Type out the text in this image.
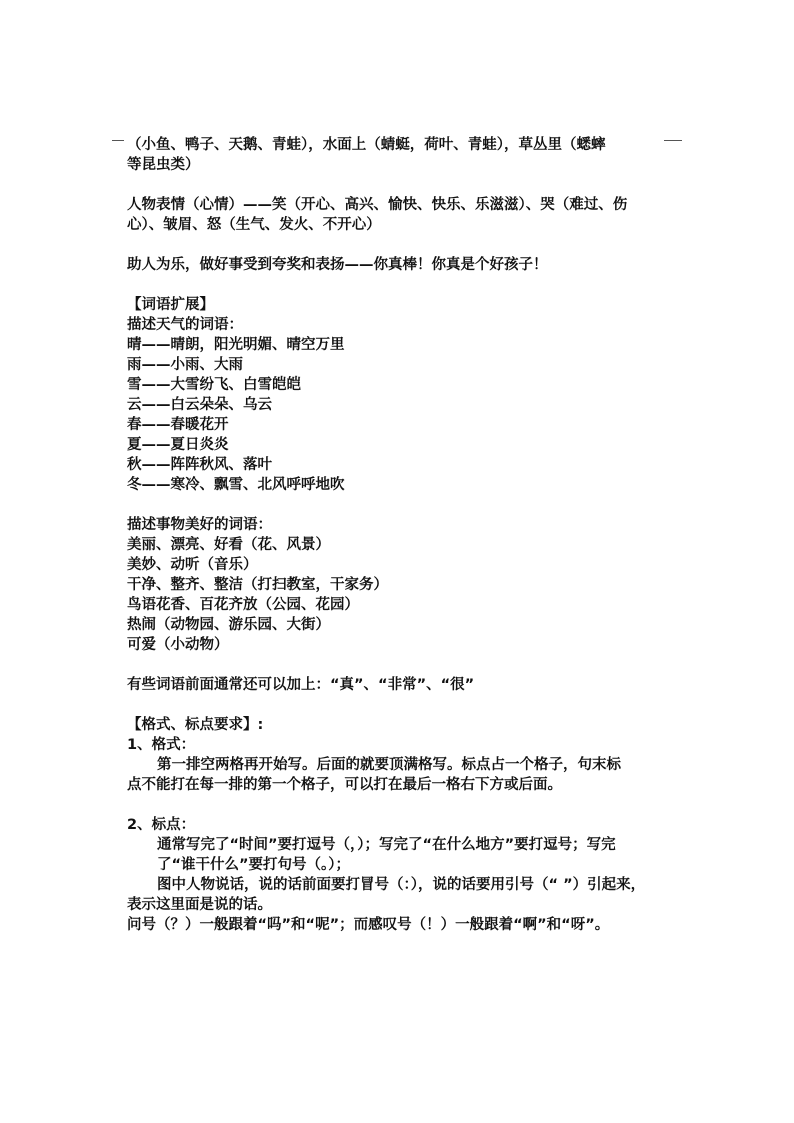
（小鱼、鸭子、天鹅、青蛙），水面上（蜻蜓，荷叶、青蛙），草丛里（蟋蟀

等昆虫类）

人物表情（心情）——笑（开心、高兴、愉快、快乐、乐滋滋）、哭（难过、伤

心）、皱眉、怒（生气、发火、不开心）

助人为乐，做好事受到夸奖和表扬——你真棒！你真是个好孩子！

【词语扩展】

描述天气的词语：

晴——晴朗，阳光明媚、晴空万里

雨——小雨、大雨

雪——大雪纷飞、白雪皑皑

云——白云朵朵、乌云

春——春暖花开

夏——夏日炎炎

秋——阵阵秋风、落叶

冬——寒冷、飘雪、北风呼呼地吹

描述事物美好的词语：

美丽、漂亮、好看（花、风景）

美妙、动听（音乐）

干净、整齐、整洁（打扫教室，干家务）

鸟语花香、百花齐放（公园、花园）

热闹（动物园、游乐园、大街）

可爱（小动物）

有些词语前面通常还可以加上：“真”、“非常”、“很”

【格式、标点要求】:

1、格式：

第一排空两格再开始写。后面的就要顶满格写。标点占一个格子，句末标

点不能打在每一排的第一个格子，可以打在最后一格右下方或后面。

2、标点：

通常写完了“时间”要打逗号（，）；写完了“在什么地方”要打逗号；写完

了“谁干什么”要打句号（。）；

图中人物说话，说的话前面要打冒号（：），说的话要用引号（“ ”）引起来，

表示这里面是说的话。

问号（？）一般跟着“吗”和“呢”；而感叹号（！）一般跟着“啊”和“呀”。
